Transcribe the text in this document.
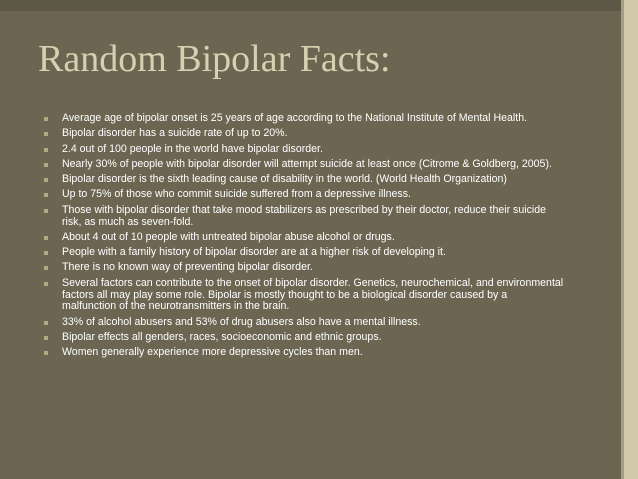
Random Bipolar Facts:
Average age of bipolar onset is 25 years of age according to the National Institute of Mental Health.
Bipolar disorder has a suicide rate of up to 20%.
2.4 out of 100 people in the world have bipolar disorder.
Nearly 30% of people with bipolar disorder will attempt suicide at least once (Citrome & Goldberg, 2005).
Bipolar disorder is the sixth leading cause of disability in the world. (World Health Organization)
Up to 75% of those who commit suicide suffered from a depressive illness.
Those with bipolar disorder that take mood stabilizers as prescribed by their doctor, reduce their suicide risk, as much as seven-fold.
About 4 out of 10 people with untreated bipolar abuse alcohol or drugs.
People with a family history of bipolar disorder are at a higher risk of developing it.
There is no known way of preventing bipolar disorder.
Several factors can contribute to the onset of bipolar disorder. Genetics, neurochemical, and environmental factors all may play some role. Bipolar is mostly thought to be a biological disorder caused by a malfunction of the neurotransmitters in the brain.
33% of alcohol abusers and 53% of drug abusers also have a mental illness.
Bipolar effects all genders, races, socioeconomic and ethnic groups.
Women generally experience more depressive cycles than men.
